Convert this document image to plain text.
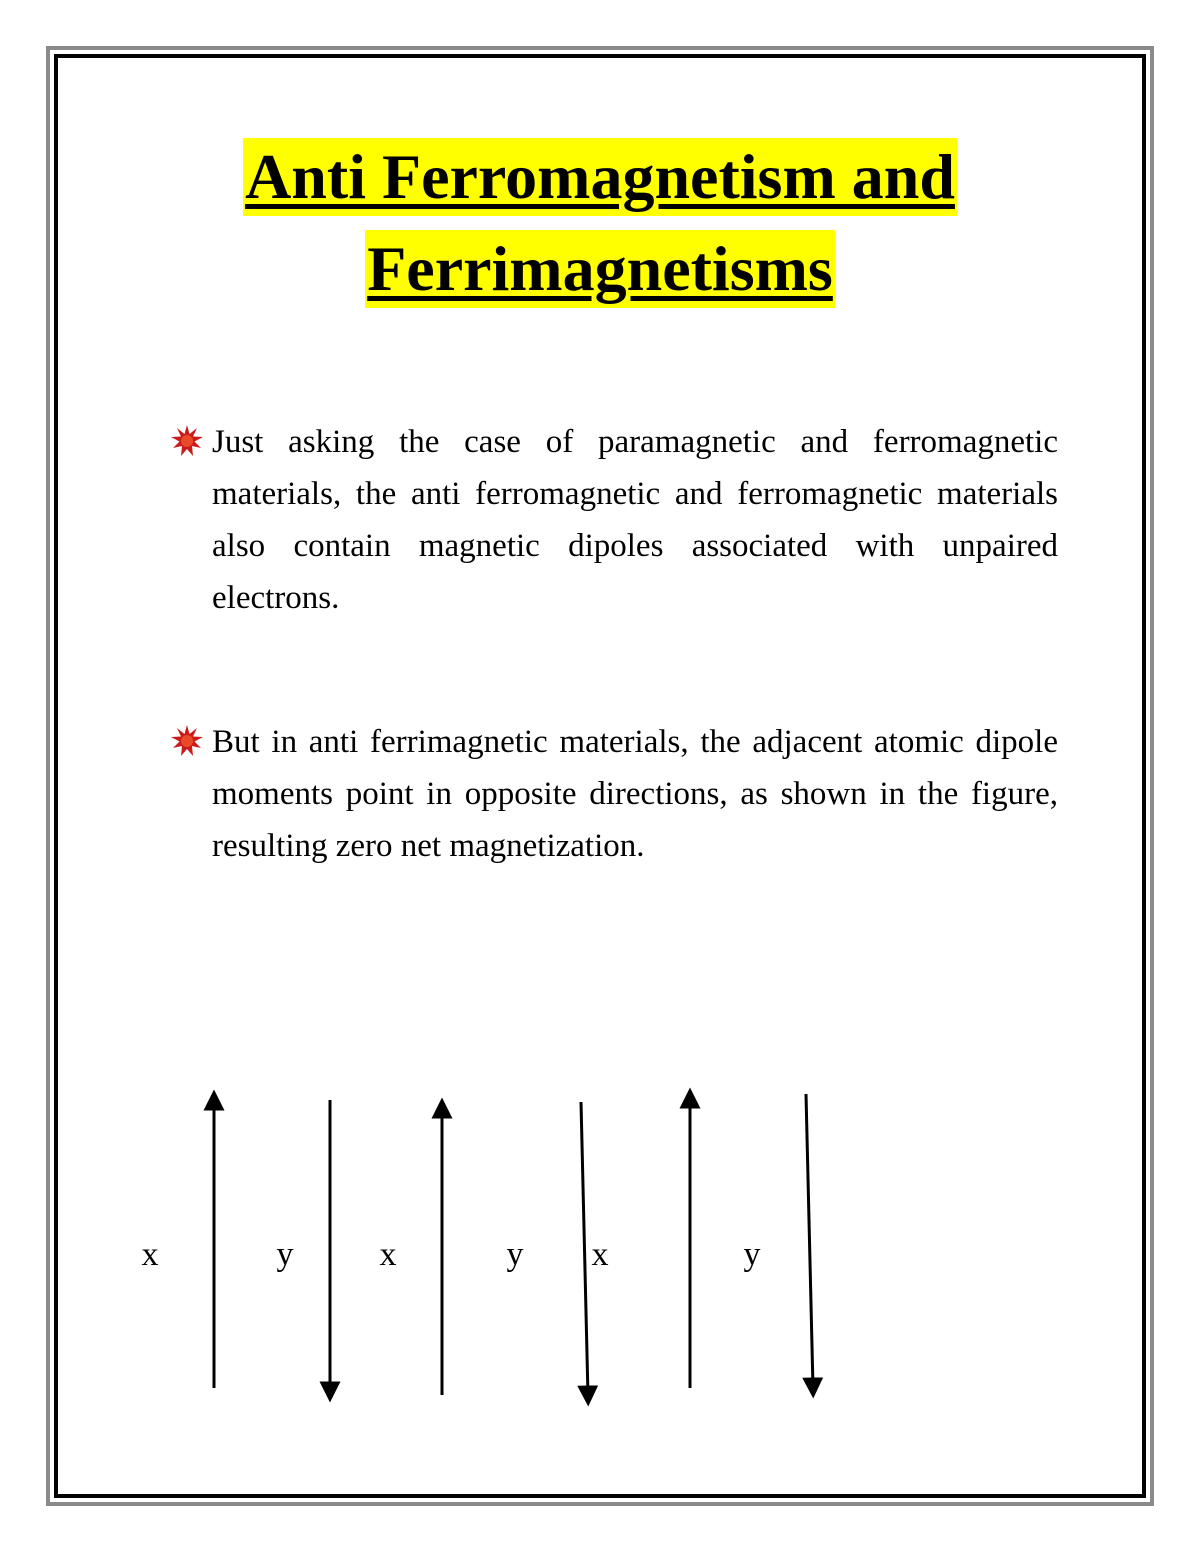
Anti Ferromagnetism and
Ferrimagnetisms
Just asking the case of paramagnetic and ferromagnetic materials, the anti ferromagnetic and ferromagnetic materials also contain magnetic dipoles associated with unpaired electrons.
But in anti ferrimagnetic materials, the adjacent atomic dipole moments point in opposite directions, as shown in the figure, resulting zero net magnetization.
x	y	x	y x	y
